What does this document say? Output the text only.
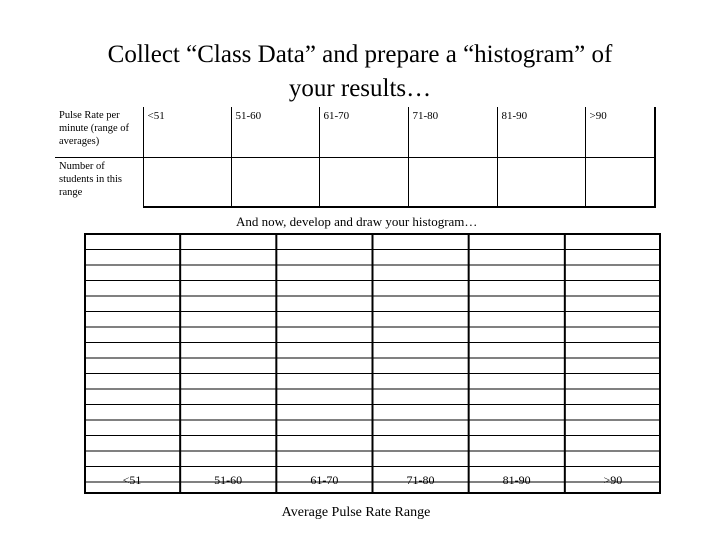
Collect “Class Data” and prepare a “histogram” of
your results…
Pulse Rate per minute (range of averages)	<51	51-60	61-70	71-80	81-90	>90
Number of students in this range						
And now, develop and draw your histogram…
<51	51-60	61-70	71-80	81-90	>90
Average Pulse Rate Range
